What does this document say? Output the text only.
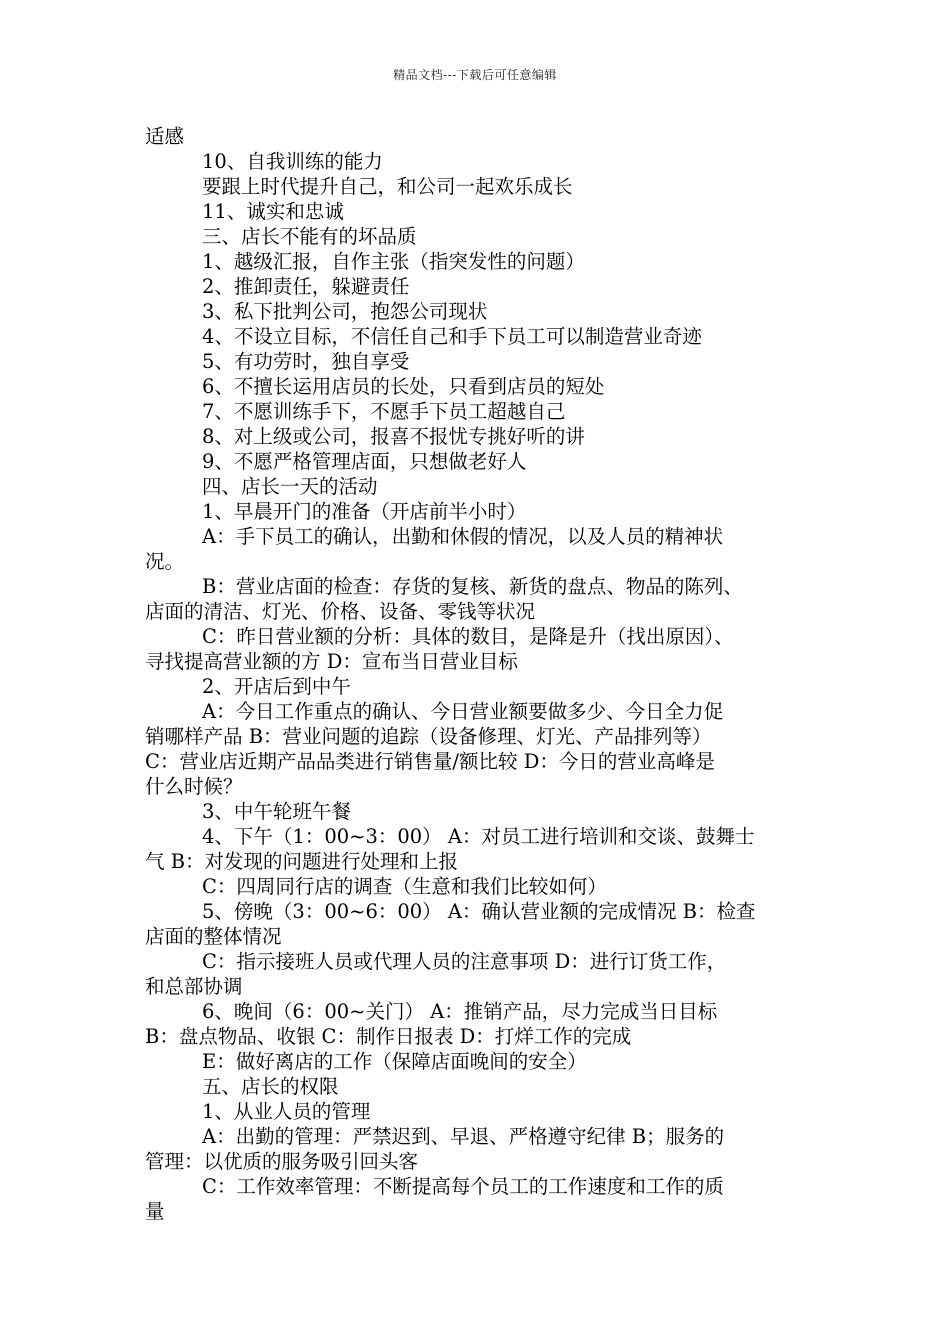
精品文档---下载后可任意编辑

适感

10、自我训练的能力

要跟上时代提升自己，和公司一起欢乐成长

11、诚实和忠诚

三、店长不能有的坏品质

1、越级汇报，自作主张（指突发性的问题）

2、推卸责任，躲避责任

3、私下批判公司，抱怨公司现状

4、不设立目标，不信任自己和手下员工可以制造营业奇迹

5、有功劳时，独自享受

6、不擅长运用店员的长处，只看到店员的短处

7、不愿训练手下，不愿手下员工超越自己

8、对上级或公司，报喜不报忧专挑好听的讲

9、不愿严格管理店面，只想做老好人

四、店长一天的活动

1、早晨开门的准备（开店前半小时）

A：手下员工的确认，出勤和休假的情况，以及人员的精神状

况。

B：营业店面的检查：存货的复核、新货的盘点、物品的陈列、

店面的清洁、灯光、价格、设备、零钱等状况

C：昨日营业额的分析：具体的数目，是降是升（找出原因）、

寻找提高营业额的方 D：宣布当日营业目标

2、开店后到中午

A：今日工作重点的确认、今日营业额要做多少、今日全力促

销哪样产品 B：营业问题的追踪（设备修理、灯光、产品排列等）

C：营业店近期产品品类进行销售量/额比较 D：今日的营业高峰是

什么时候？

3、中午轮班午餐

4、下午（1：00~3：00） A：对员工进行培训和交谈、鼓舞士

气 B：对发现的问题进行处理和上报

C：四周同行店的调查（生意和我们比较如何）

5、傍晚（3：00~6：00） A：确认营业额的完成情况 B：检查

店面的整体情况

C：指示接班人员或代理人员的注意事项 D：进行订货工作，

和总部协调

6、晚间（6：00~关门） A：推销产品，尽力完成当日目标

B：盘点物品、收银 C：制作日报表 D：打烊工作的完成

E：做好离店的工作（保障店面晚间的安全）

五、店长的权限

1、从业人员的管理

A：出勤的管理：严禁迟到、早退、严格遵守纪律 B；服务的

管理：以优质的服务吸引回头客

C：工作效率管理：不断提高每个员工的工作速度和工作的质

量
